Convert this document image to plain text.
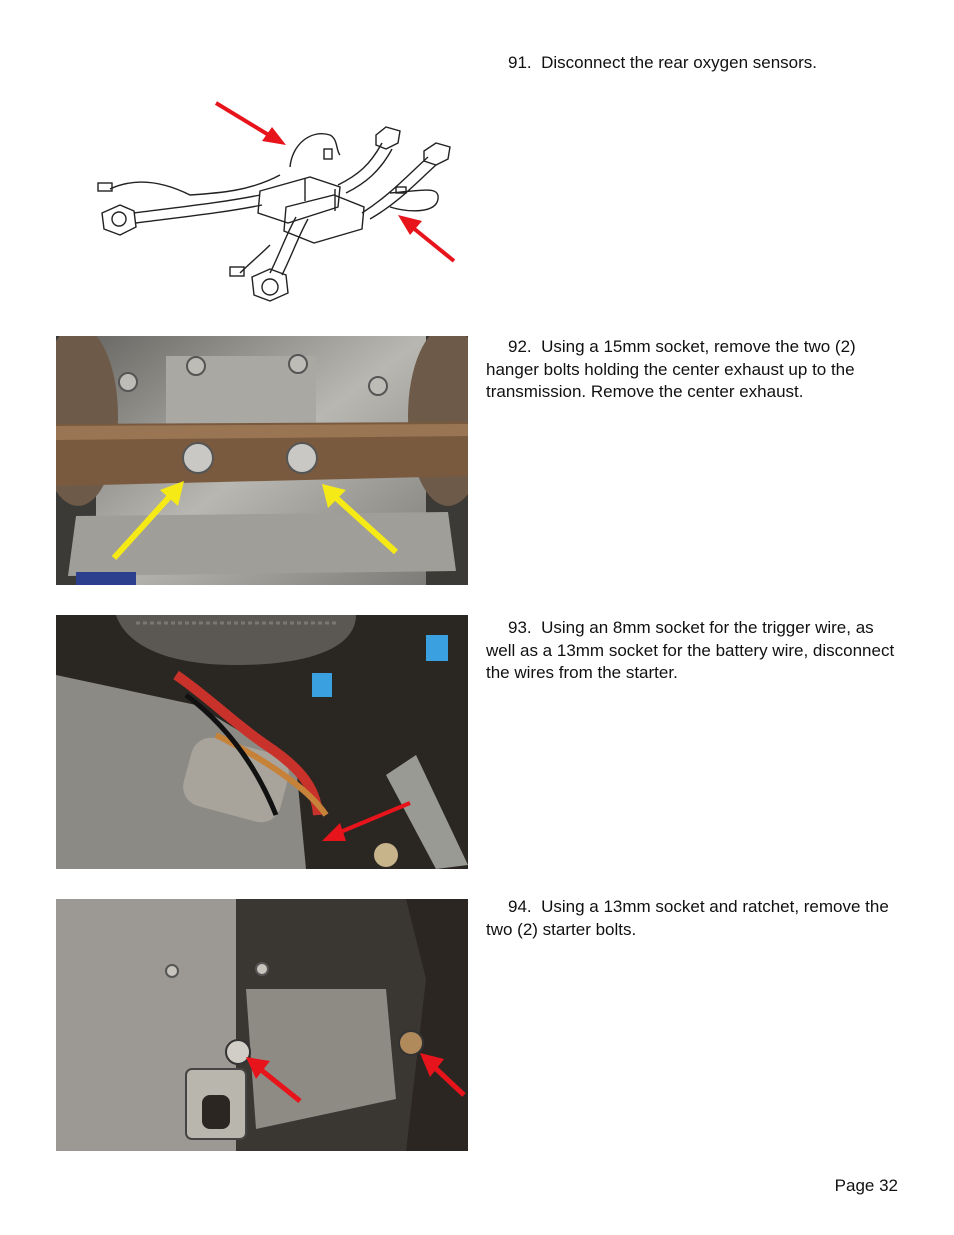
91. Disconnect the rear oxygen sensors.
92. Using a 15mm socket, remove the two (2) hanger bolts holding the center exhaust up to the transmission. Remove the center exhaust.
93. Using an 8mm socket for the trigger wire, as well as a 13mm socket for the battery wire, disconnect the wires from the starter.
94. Using a 13mm socket and ratchet, remove the two (2) starter bolts.
Page 32
